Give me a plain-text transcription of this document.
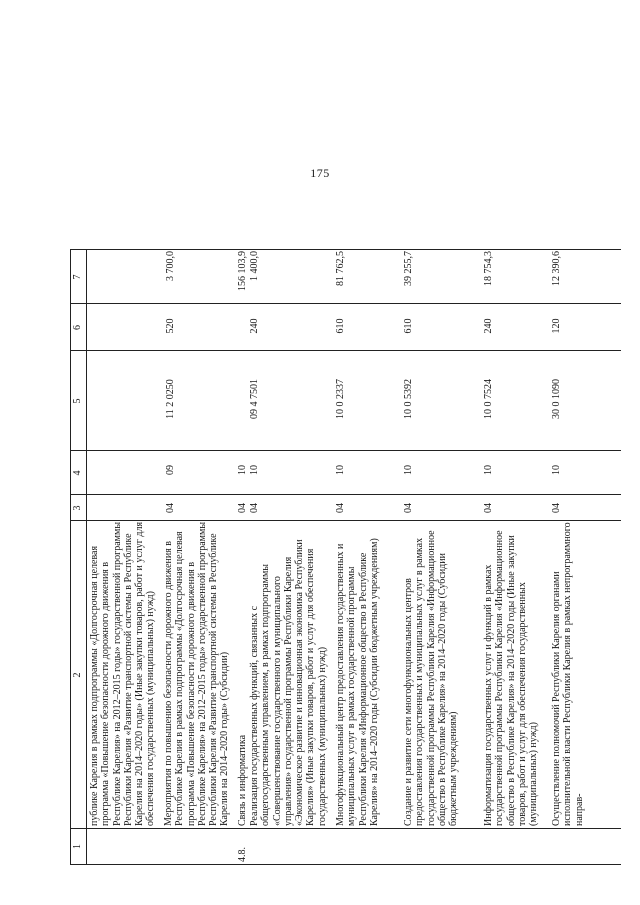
175
1
2
3
4
5
6
7
публике Карелия в рамках подпрограммы «Долгосрочная целевая программа «Повышение безопасности дорожного движения в Республике Карелия» на 2012–2015 годы» государственной программы Республики Карелия «Развитие транспортной системы в Республике Карелия на 2014–2020 годы» (Иные закупки товаров, работ и услуг для обеспечения государственных (муниципальных) нужд) Мероприятия по повышению безопасности дорожного движения в Республике Карелия в рамках подпрограммы «Долгосрочная целевая программа «Повышение безопасности дорожного движения в Республике Карелия» на 2012–2015 годы» государственной программы Республики Карелия «Развитие транспортной системы в Республике Карелия на 2014–2020 годы» (Субсидии)
04
09
11 2 0250
520
3 700,0
4.8.
Связь и информатика
04
10
156 103,9
Реализация государственных функций, связанных с общегосударственным управлением, в рамках подпрограммы «Совершенствование государственного и муниципального управления» государственной программы Республики Карелия «Экономическое развитие и инновационная экономика Республики Карелия» (Иные закупки товаров, работ и услуг для обеспечения государственных (муниципальных) нужд)
04
10
09 4 7501
240
1 400,0
Многофункциональный центр предоставления государственных и муниципальных услуг в рамках государственной программы Республики Карелия «Информационное общество в Республике Карелия» на 2014–2020 годы (Субсидии бюджетным учреждениям)
04
10
10 0 2337
610
81 762,5
Создание и развитие сети многофункциональных центров предоставления государственных и муниципальных услуг в рамках государственной программы Республики Карелия «Информационное общество в Республике Карелия» на 2014–2020 годы (Субсидии бюджетным учреждениям)
04
10
10 0 5392
610
39 255,7
Информатизация государственных услуг и функций в рамках государственной программы Республики Карелия «Информационное общество в Республике Карелия» на 2014–2020 годы (Иные закупки товаров, работ и услуг для обеспечения государственных (муниципальных) нужд)
04
10
10 0 7524
240
18 754,3
Осуществление полномочий Республики Карелия органами исполнительной власти Республики Карелия в рамках непрограммного направ-
04
10
30 0 1090
120
12 390,6
